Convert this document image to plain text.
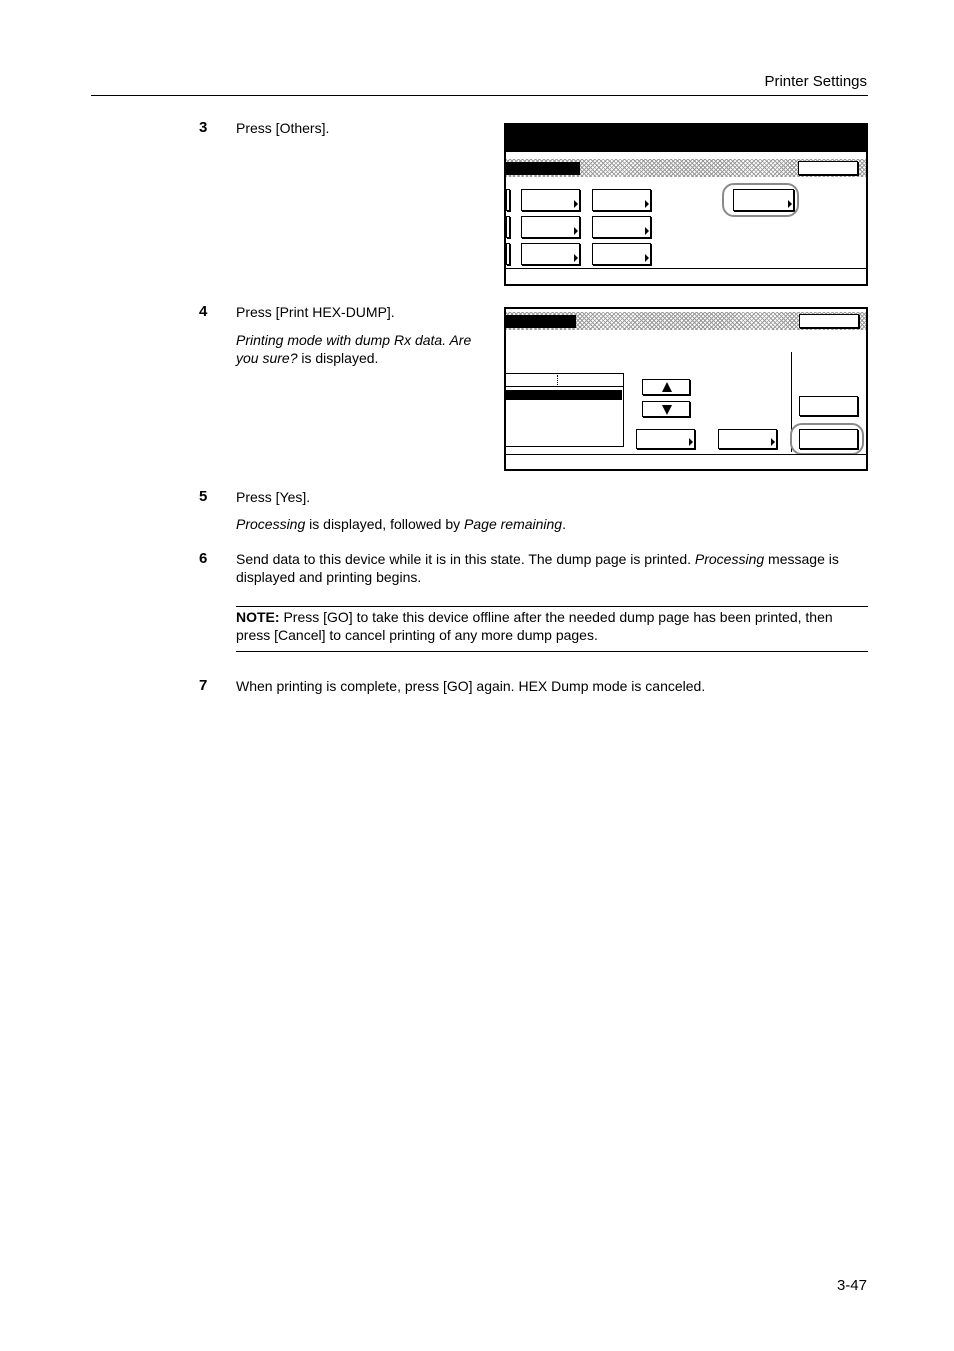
Printer Settings
3 Press [Others].
4 Press [Print HEX-DUMP].
Printing mode with dump Rx data. Are you sure? is displayed.
5 Press [Yes].
Processing is displayed, followed by Page remaining.
6 Send data to this device while it is in this state. The dump page is printed. Processing message is displayed and printing begins.
NOTE: Press [GO] to take this device offline after the needed dump page has been printed, then press [Cancel] to cancel printing of any more dump pages.
7 When printing is complete, press [GO] again. HEX Dump mode is canceled.
3-47
